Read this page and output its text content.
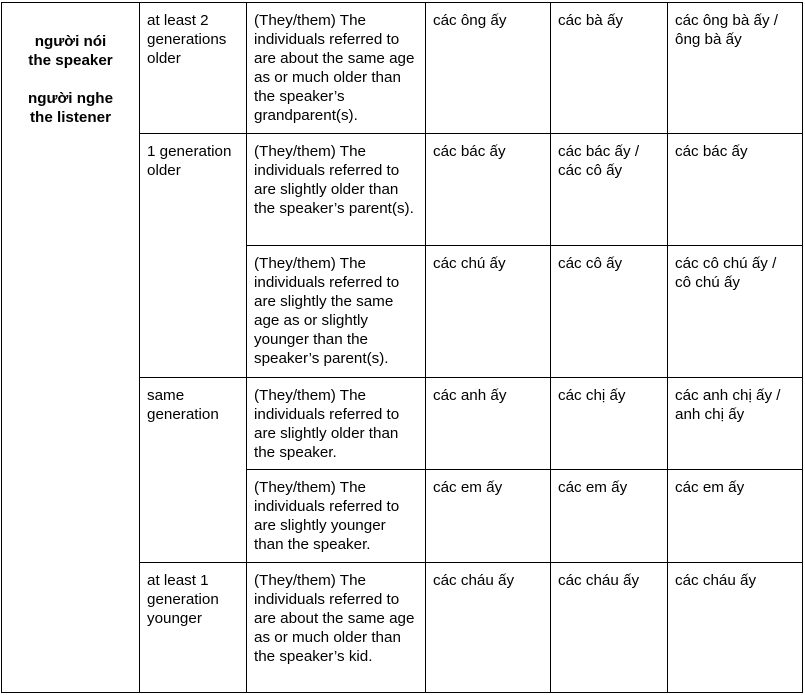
người nói
the speaker
người nghe
the listener	at least 2 generations older	(They/them) The individuals referred to are about the same age as or much older than the speaker’s grandparent(s).	các ông ấy	các bà ấy	các ông bà ấy / ông bà ấy
	1 generation older	(They/them) The individuals referred to are slightly older than the speaker’s parent(s).	các bác ấy	các bác ấy / các cô ấy	các bác ấy
		(They/them) The individuals referred to are slightly the same age as or slightly younger than the speaker’s parent(s).	các chú ấy	các cô ấy	các cô chú ấy / cô chú ấy
	same generation	(They/them) The individuals referred to are slightly older than the speaker.	các anh ấy	các chị ấy	các anh chị ấy / anh chị ấy
		(They/them) The individuals referred to are slightly younger than the speaker.	các em ấy	các em ấy	các em ấy
	at least 1 generation younger	(They/them) The individuals referred to are about the same age as or much older than the speaker’s kid.	các cháu ấy	các cháu ấy	các cháu ấy
